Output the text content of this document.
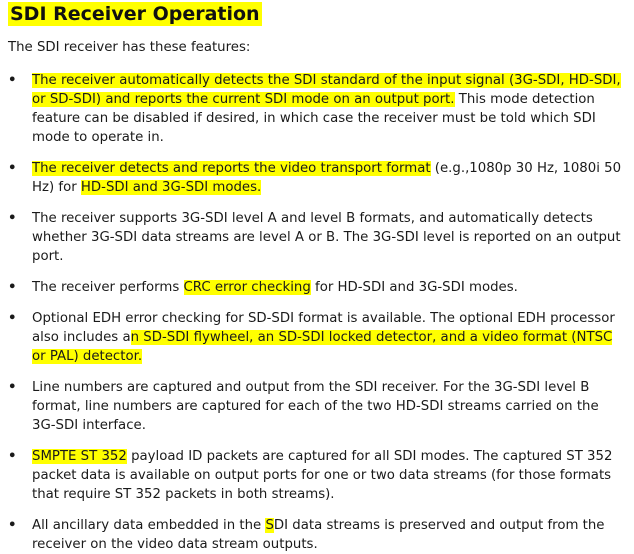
SDI Receiver Operation

The SDI receiver has these features:

• The receiver automatically detects the SDI standard of the input signal (3G-SDI, HD-SDI, or SD-SDI) and reports the current SDI mode on an output port. This mode detection feature can be disabled if desired, in which case the receiver must be told which SDI mode to operate in.
• The receiver detects and reports the video transport format (e.g.,1080p 30 Hz, 1080i 50 Hz) for HD-SDI and 3G-SDI modes.
• The receiver supports 3G-SDI level A and level B formats, and automatically detects whether 3G-SDI data streams are level A or B. The 3G-SDI level is reported on an output port.
• The receiver performs CRC error checking for HD-SDI and 3G-SDI modes.
• Optional EDH error checking for SD-SDI format is available. The optional EDH processor also includes an SD-SDI flywheel, an SD-SDI locked detector, and a video format (NTSC or PAL) detector.
• Line numbers are captured and output from the SDI receiver. For the 3G-SDI level B format, line numbers are captured for each of the two HD-SDI streams carried on the 3G-SDI interface.
• SMPTE ST 352 payload ID packets are captured for all SDI modes. The captured ST 352 packet data is available on output ports for one or two data streams (for those formats that require ST 352 packets in both streams).
• All ancillary data embedded in the SDI data streams is preserved and output from the receiver on the video data stream outputs.
